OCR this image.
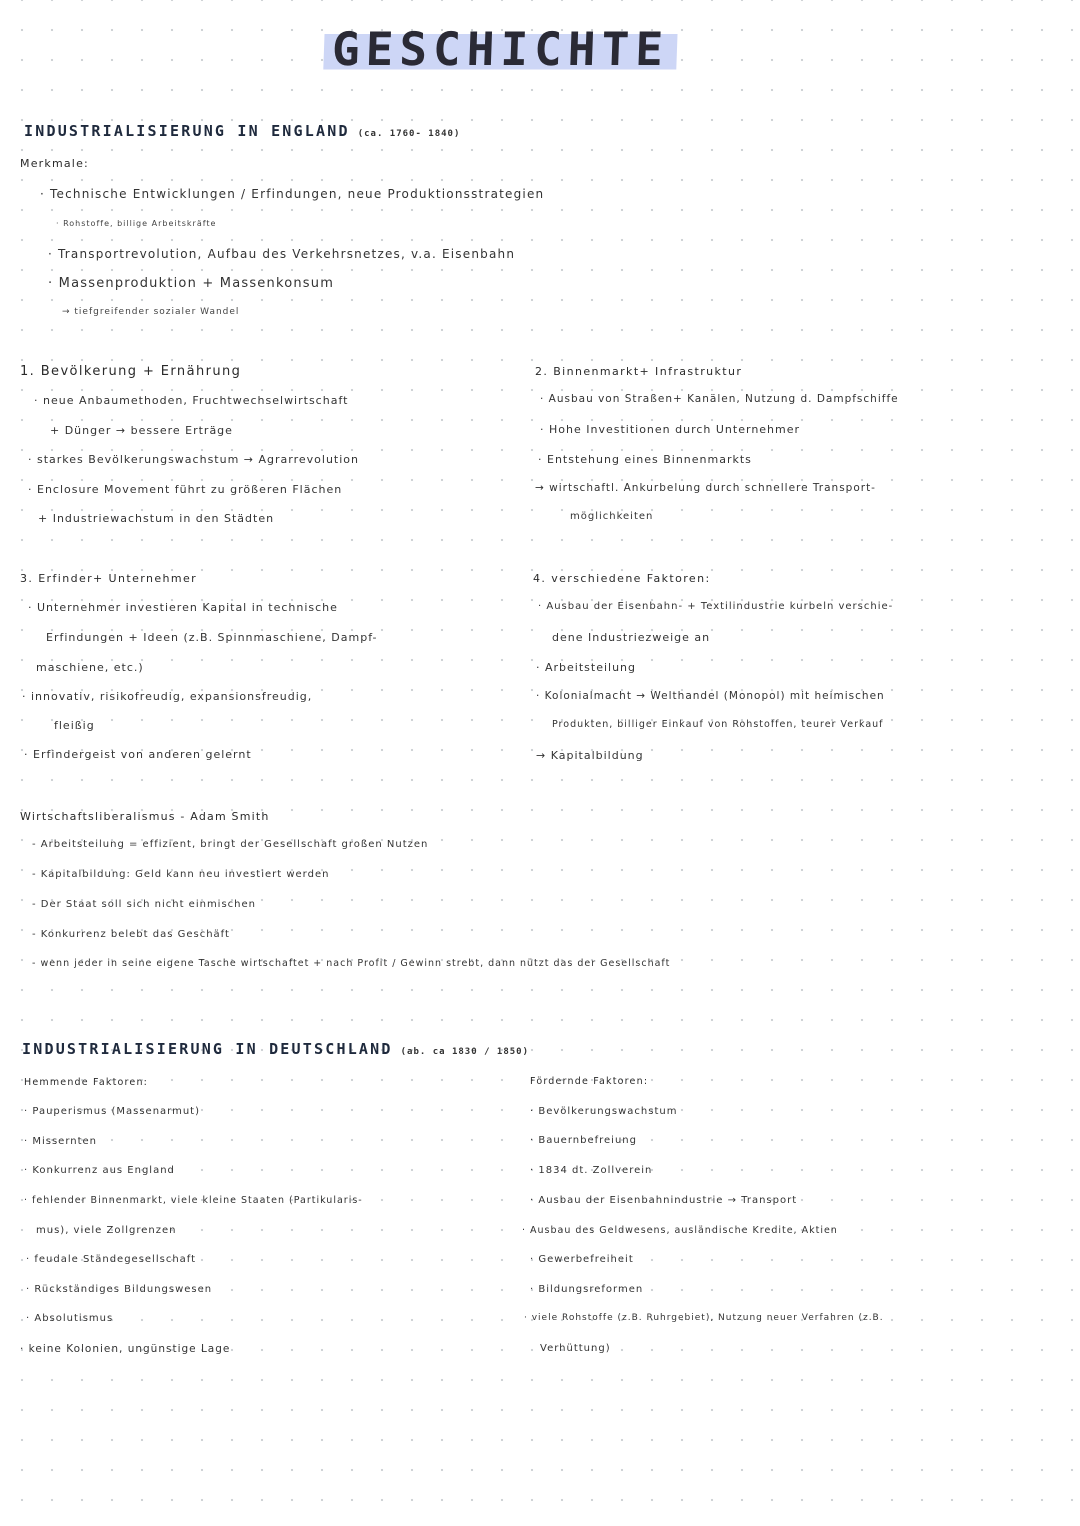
GESCHICHTE
INDUSTRIALISIERUNG IN ENGLAND (ca. 1760- 1840)
Merkmale:
· Technische Entwicklungen / Erfindungen, neue Produktionsstrategien
· Rohstoffe, billige Arbeitskräfte
· Transportrevolution, Aufbau des Verkehrsnetzes, v.a. Eisenbahn
· Massenproduktion + Massenkonsum
→ tiefgreifender sozialer Wandel
1. Bevölkerung + Ernährung
· neue Anbaumethoden, Fruchtwechselwirtschaft
+ Dünger → bessere Erträge
· starkes Bevölkerungswachstum → Agrarrevolution
· Enclosure Movement führt zu größeren Flächen
+ Industriewachstum in den Städten
2. Binnenmarkt+ Infrastruktur
· Ausbau von Straßen+ Kanälen, Nutzung d. Dampfschiffe
· Hohe Investitionen durch Unternehmer
· Entstehung eines Binnenmarkts
→ wirtschaftl. Ankurbelung durch schnellere Transport-
möglichkeiten
3. Erfinder+ Unternehmer
· Unternehmer investieren Kapital in technische
Erfindungen + Ideen (z.B. Spinnmaschiene, Dampf-
maschiene, etc.)
· innovativ, risikofreudig, expansionsfreudig,
fleißig
· Erfindergeist von anderen gelernt
4. verschiedene Faktoren:
· Ausbau der Eisenbahn- + Textilindustrie kurbeln verschie-
dene Industriezweige an
· Arbeitsteilung
· Kolonialmacht → Welthandel (Monopol) mit heimischen
Produkten, billiger Einkauf von Rohstoffen, teurer Verkauf
→ Kapitalbildung
Wirtschaftsliberalismus - Adam Smith
- Arbeitsteilung = effizient, bringt der Gesellschaft großen Nutzen
- Kapitalbildung: Geld kann neu investiert werden
- Der Staat soll sich nicht einmischen
- Konkurrenz belebt das Geschäft
- wenn jeder in seine eigene Tasche wirtschaftet + nach Profit / Gewinn strebt, dann nützt das der Gesellschaft
INDUSTRIALISIERUNG IN DEUTSCHLAND (ab. ca 1830 / 1850)
Hemmende Faktoren:
· Pauperismus (Massenarmut)
· Missernten
· Konkurrenz aus England
· fehlender Binnenmarkt, viele kleine Staaten (Partikularis-
mus), viele Zollgrenzen
· feudale Ständegesellschaft
· Rückständiges Bildungswesen
· Absolutismus
· keine Kolonien, ungünstige Lage
Fördernde Faktoren:
· Bevölkerungswachstum
· Bauernbefreiung
· 1834 dt. Zollverein
· Ausbau der Eisenbahnindustrie → Transport
· Ausbau des Geldwesens, ausländische Kredite, Aktien
· Gewerbefreiheit
· Bildungsreformen
· viele Rohstoffe (z.B. Ruhrgebiet), Nutzung neuer Verfahren (z.B.
Verhüttung)
